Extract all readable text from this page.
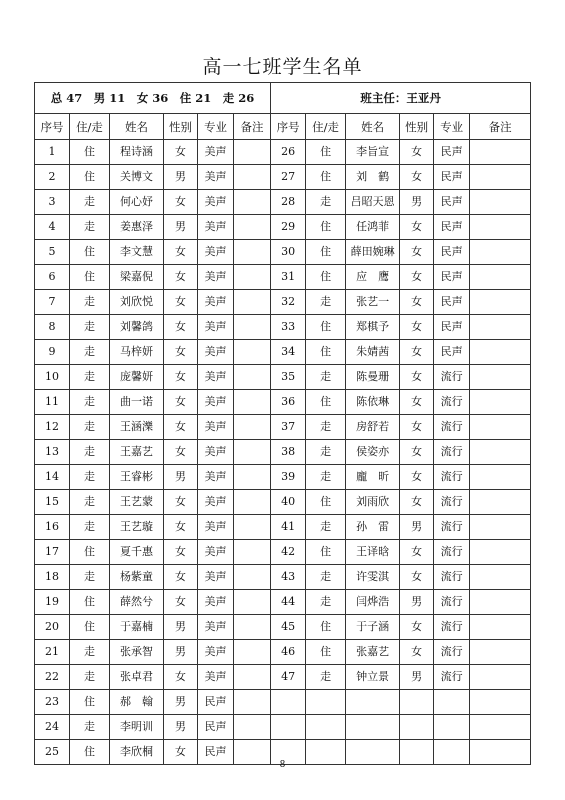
高一七班学生名单
总 47　男 11　女 36　住 21　走 26						班主任：王亚丹					
序号	住/走	姓名	性别	专业	备注	序号	住/走	姓名	性别	专业	备注
1	住	程诗涵	女	美声		26	住	李旨宣	女	民声	
2	住	关博文	男	美声		27	住	刘　鹤	女	民声	
3	走	何心妤	女	美声		28	走	吕昭天恩	男	民声	
4	走	姜惠泽	男	美声		29	住	任鸿菲	女	民声	
5	住	李文慧	女	美声		30	住	薛田婉琳	女	民声	
6	住	梁嘉倪	女	美声		31	住	应　鹰	女	民声	
7	走	刘欣悦	女	美声		32	走	张艺一	女	民声	
8	走	刘馨鸽	女	美声		33	住	郑棋予	女	民声	
9	走	马梓妍	女	美声		34	住	朱婧茜	女	民声	
10	走	庞馨妍	女	美声		35	走	陈曼珊	女	流行	
11	走	曲一诺	女	美声		36	住	陈依琳	女	流行	
12	走	王涵濼	女	美声		37	走	房舒若	女	流行	
13	走	王嘉艺	女	美声		38	走	侯姿亦	女	流行	
14	走	王睿彬	男	美声		39	走	龐　昕	女	流行	
15	走	王艺蒙	女	美声		40	住	刘雨欣	女	流行	
16	走	王艺璇	女	美声		41	走	孙　雷	男	流行	
17	住	夏千惠	女	美声		42	住	王译晗	女	流行	
18	走	杨紫童	女	美声		43	走	许雯淇	女	流行	
19	住	薛然兮	女	美声		44	走	闫烨浩	男	流行	
20	住	于嘉楠	男	美声		45	住	于子涵	女	流行	
21	走	张承智	男	美声		46	住	张嘉艺	女	流行	
22	走	张卓君	女	美声		47	走	钟立景	男	流行	
23	住	郝　翰	男	民声							
24	走	李明训	男	民声							
25	住	李欣桐	女	民声							
8
